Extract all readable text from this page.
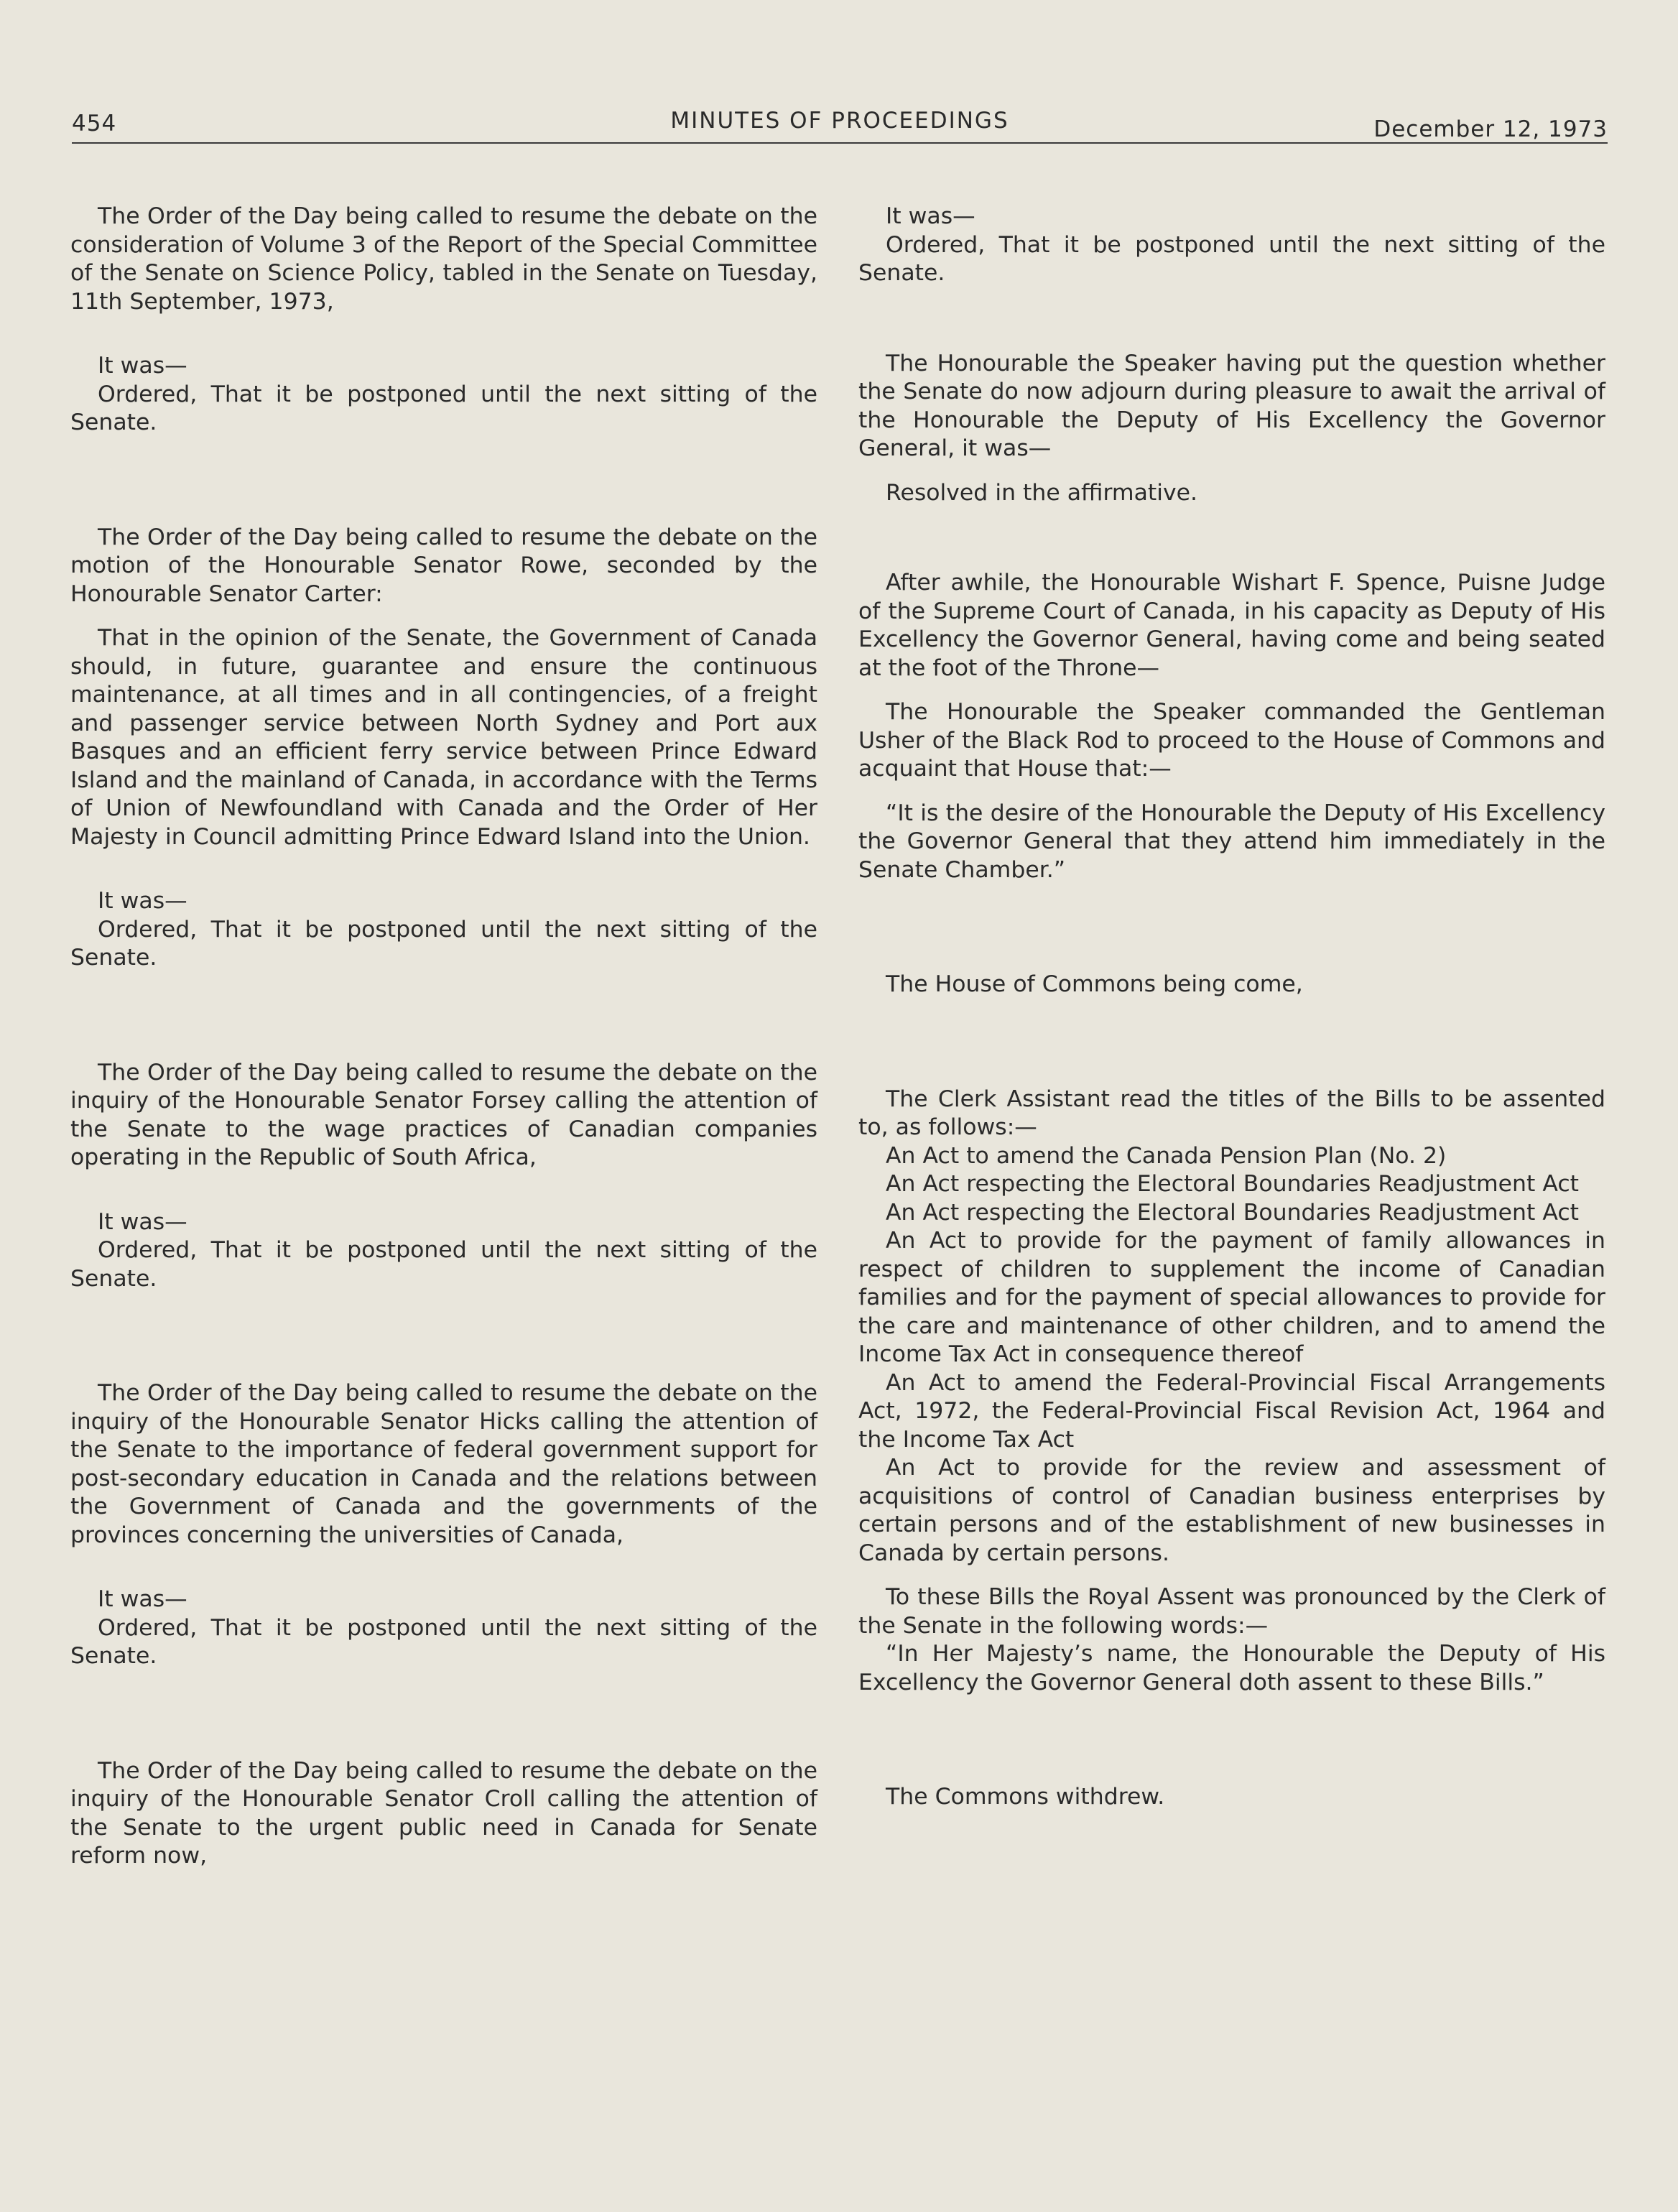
454	MINUTES OF PROCEEDINGS	December 12, 1973

The Order of the Day being called to resume the debate on the consideration of Volume 3 of the Report of the Special Committee of the Senate on Science Policy, tabled in the Senate on Tuesday, 11th September, 1973,

It was—

Ordered, That it be postponed until the next sitting of the Senate.

The Order of the Day being called to resume the debate on the motion of the Honourable Senator Rowe, seconded by the Honourable Senator Carter:

That in the opinion of the Senate, the Government of Canada should, in future, guarantee and ensure the continuous maintenance, at all times and in all contingencies, of a freight and passenger service between North Sydney and Port aux Basques and an efficient ferry service between Prince Edward Island and the mainland of Canada, in accordance with the Terms of Union of Newfoundland with Canada and the Order of Her Majesty in Council admitting Prince Edward Island into the Union.

It was—

Ordered, That it be postponed until the next sitting of the Senate.

The Order of the Day being called to resume the debate on the inquiry of the Honourable Senator Forsey calling the attention of the Senate to the wage practices of Canadian companies operating in the Republic of South Africa,

It was—

Ordered, That it be postponed until the next sitting of the Senate.

The Order of the Day being called to resume the debate on the inquiry of the Honourable Senator Hicks calling the attention of the Senate to the importance of federal government support for post-secondary education in Canada and the relations between the Government of Canada and the governments of the provinces concerning the universities of Canada,

It was—

Ordered, That it be postponed until the next sitting of the Senate.

The Order of the Day being called to resume the debate on the inquiry of the Honourable Senator Croll calling the attention of the Senate to the urgent public need in Canada for Senate reform now,

It was—

Ordered, That it be postponed until the next sitting of the Senate.

The Honourable the Speaker having put the question whether the Senate do now adjourn during pleasure to await the arrival of the Honourable the Deputy of His Excellency the Governor General, it was—

Resolved in the affirmative.

After awhile, the Honourable Wishart F. Spence, Puisne Judge of the Supreme Court of Canada, in his capacity as Deputy of His Excellency the Governor General, having come and being seated at the foot of the Throne—

The Honourable the Speaker commanded the Gentleman Usher of the Black Rod to proceed to the House of Commons and acquaint that House that:—

“It is the desire of the Honourable the Deputy of His Excellency the Governor General that they attend him immediately in the Senate Chamber.”

The House of Commons being come,

The Clerk Assistant read the titles of the Bills to be assented to, as follows:—

An Act to amend the Canada Pension Plan (No. 2)

An Act respecting the Electoral Boundaries Readjustment Act

An Act respecting the Electoral Boundaries Readjustment Act

An Act to provide for the payment of family allowances in respect of children to supplement the income of Canadian families and for the payment of special allowances to provide for the care and maintenance of other children, and to amend the Income Tax Act in consequence thereof

An Act to amend the Federal-Provincial Fiscal Arrangements Act, 1972, the Federal-Provincial Fiscal Revision Act, 1964 and the Income Tax Act

An Act to provide for the review and assessment of acquisitions of control of Canadian business enterprises by certain persons and of the establishment of new businesses in Canada by certain persons.

To these Bills the Royal Assent was pronounced by the Clerk of the Senate in the following words:—

“In Her Majesty’s name, the Honourable the Deputy of His Excellency the Governor General doth assent to these Bills.”

The Commons withdrew.
